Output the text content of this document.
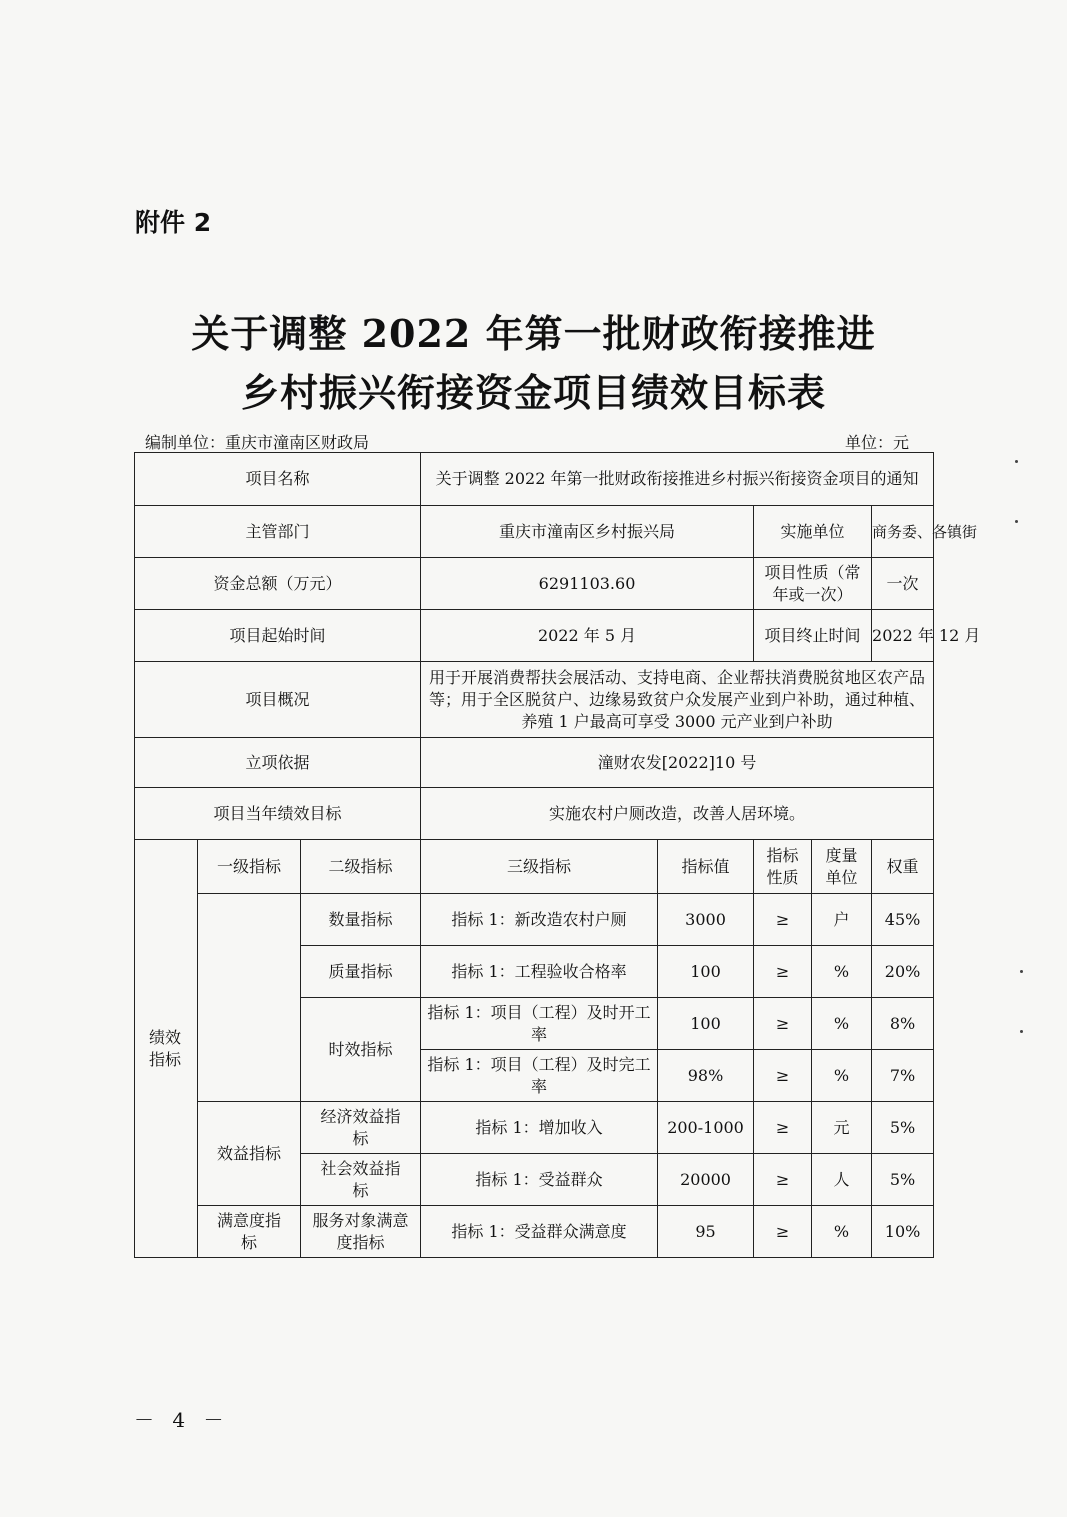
附件 2
关于调整 2022 年第一批财政衔接推进
乡村振兴衔接资金项目绩效目标表
编制单位：重庆市潼南区财政局	单位：元
项目名称			关于调整 2022 年第一批财政衔接推进乡村振兴衔接资金项目的通知				
主管部门			重庆市潼南区乡村振兴局		实施单位		商务委、各镇街
资金总额（万元）			6291103.60		项目性质（常年或一次）		一次
项目起始时间			2022 年 5 月		项目终止时间		2022 年 12 月
项目概况			用于开展消费帮扶会展活动、支持电商、企业帮扶消费脱贫地区农产品等；用于全区脱贫户、边缘易致贫户众发展产业到户补助，通过种植、养殖 1 户最高可享受 3000 元产业到户补助				
立项依据			潼财农发[2022]10 号				
项目当年绩效目标			实施农村户厕改造，改善人居环境。				
绩效指标	一级指标	二级指标	三级指标	指标值	指标性质	度量单位	权重
		数量指标	指标 1：新改造农村户厕	3000	≥	户	45%
		质量指标	指标 1：工程验收合格率	100	≥	%	20%
		时效指标	指标 1：项目（工程）及时开工率	100	≥	%	8%
			指标 1：项目（工程）及时完工率	98%	≥	%	7%
	效益指标	经济效益指标	指标 1：增加收入	200-1000	≥	元	5%
		社会效益指标	指标 1：受益群众	20000	≥	人	5%
	满意度指标	服务对象满意度指标	指标 1：受益群众满意度	95	≥	%	10%
－ 4 －
